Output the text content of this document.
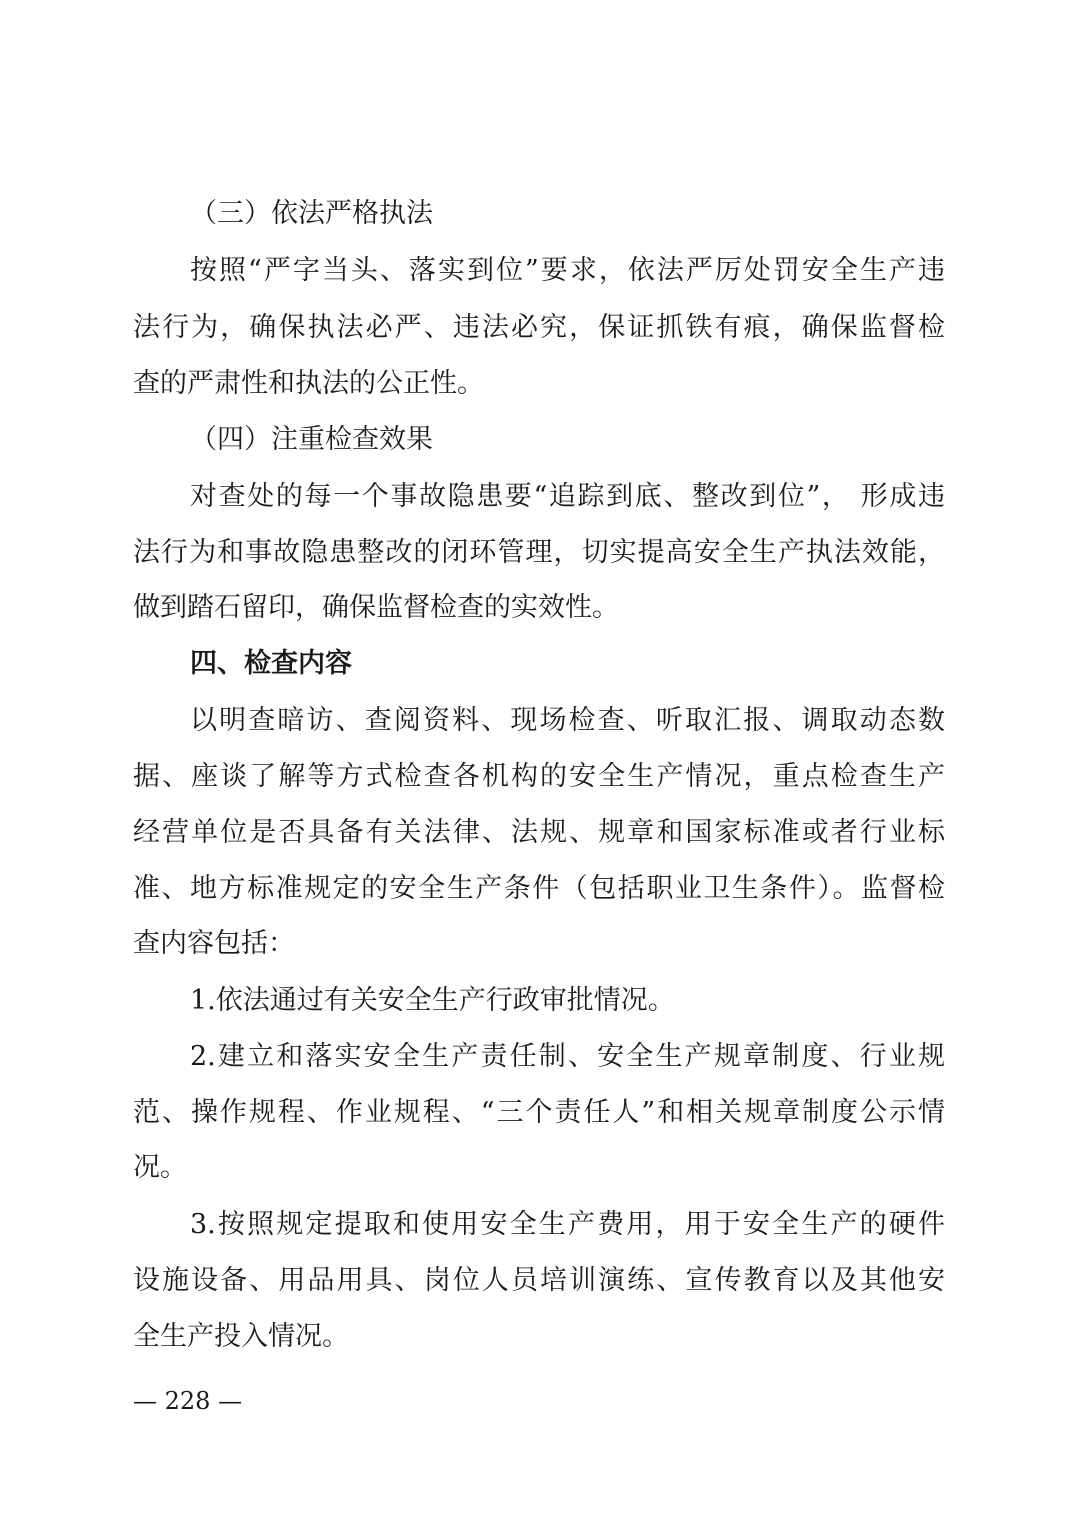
（三）依法严格执法
按照“严字当头、落实到位”要求，依法严厉处罚安全生产违
法行为，确保执法必严、违法必究，保证抓铁有痕，确保监督检
查的严肃性和执法的公正性。
（四）注重检查效果
对查处的每一个事故隐患要“追踪到底、整改到位”， 形成违
法行为和事故隐患整改的闭环管理，切实提高安全生产执法效能，
做到踏石留印，确保监督检查的实效性。
四、检查内容
以明查暗访、查阅资料、现场检查、听取汇报、调取动态数
据、座谈了解等方式检查各机构的安全生产情况，重点检查生产
经营单位是否具备有关法律、法规、规章和国家标准或者行业标
准、地方标准规定的安全生产条件（包括职业卫生条件）。监督检
查内容包括：
1.依法通过有关安全生产行政审批情况。
2.建立和落实安全生产责任制、安全生产规章制度、行业规
范、操作规程、作业规程、“三个责任人”和相关规章制度公示情
况。
3.按照规定提取和使用安全生产费用，用于安全生产的硬件
设施设备、用品用具、岗位人员培训演练、宣传教育以及其他安
全生产投入情况。
— 228 —
